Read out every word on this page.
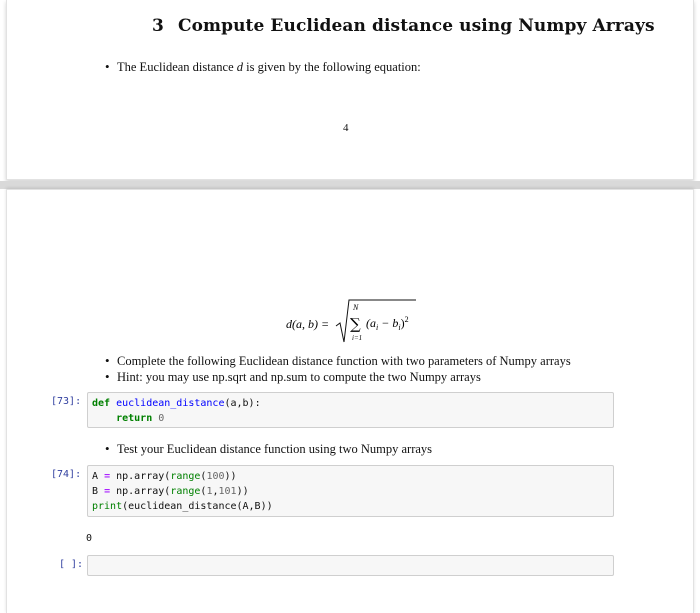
3 Compute Euclidean distance using Numpy Arrays
• The Euclidean distance d is given by the following equation:
4
d(a, b) =
N
∑
i=1
$(a_i - b_i)^2$
• Complete the following Euclidean distance function with two parameters of Numpy arrays
• Hint: you may use np.sqrt and np.sum to compute the two Numpy arrays
[73]:	def euclidean_distance(a,b):
return 0
• Test your Euclidean distance function using two Numpy arrays
[74]:	A = np.array(range(100))
B = np.array(range(1,101))
print(euclidean_distance(A,B))
0
[ ]:
